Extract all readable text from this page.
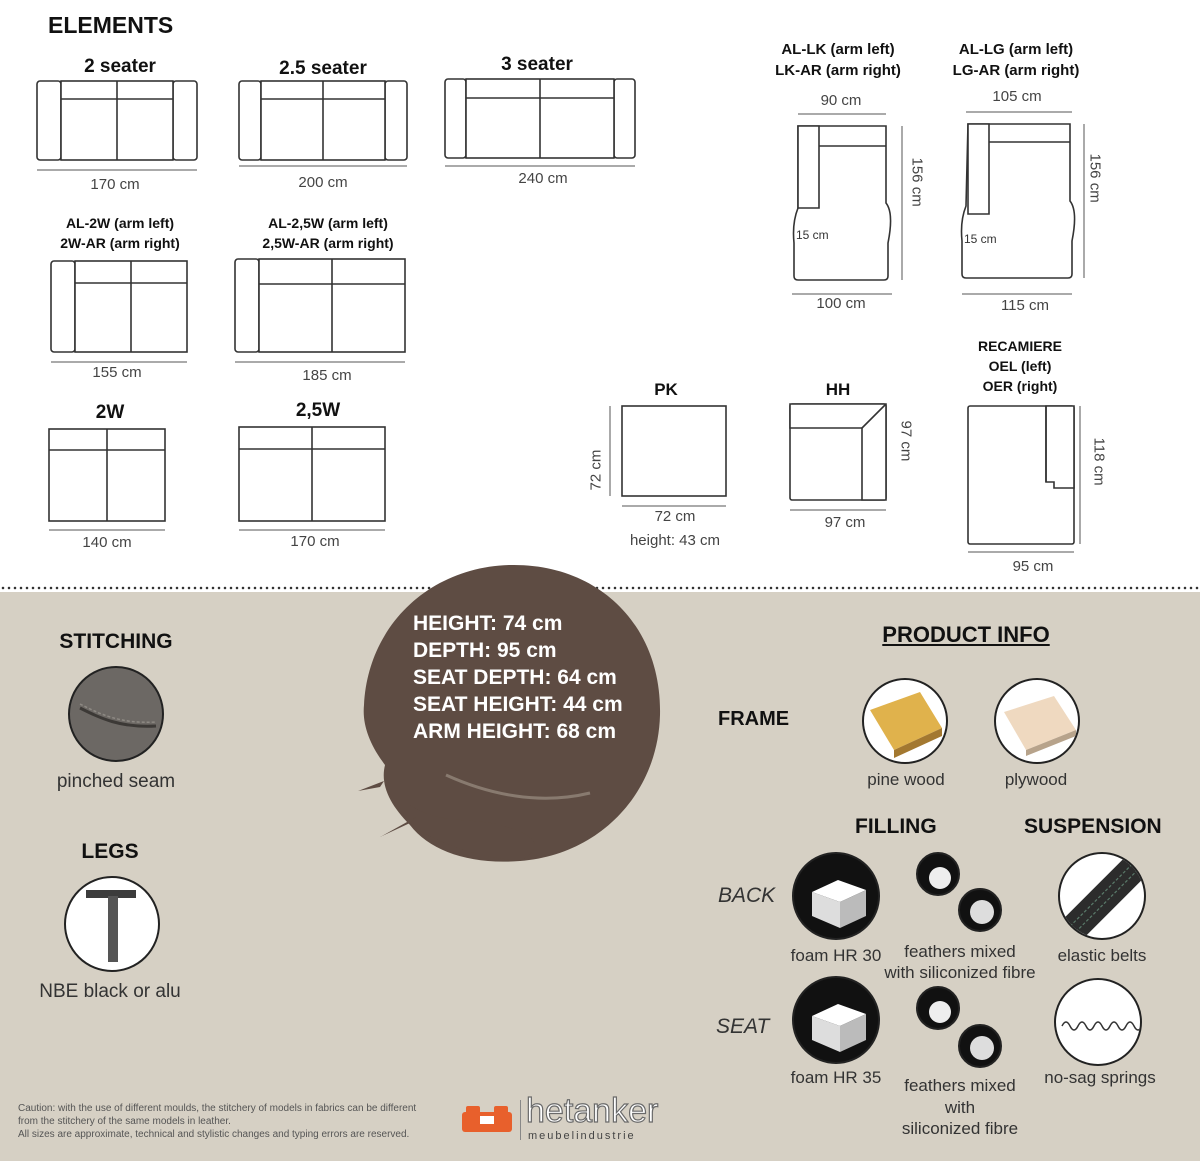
ELEMENTS
2 seater
170 cm
2.5 seater
200 cm
3 seater
240 cm
AL-2W (arm left)
2W-AR (arm right)
155 cm
AL-2,5W (arm left)
2,5W-AR (arm right)
185 cm
2W
140 cm
2,5W
170 cm
AL-LK (arm left)
LK-AR (arm right)
90 cm
156 cm
15 cm
100 cm
AL-LG (arm left)
LG-AR (arm right)
105 cm
156 cm
15 cm
115 cm
PK
72 cm
72 cm
height: 43 cm
HH
97 cm
97 cm
RECAMIERE
OEL (left)
OER (right)
118 cm
95 cm
HEIGHT: 74 cm
DEPTH: 95 cm
SEAT DEPTH: 64 cm
SEAT HEIGHT: 44 cm
ARM HEIGHT: 68 cm
STITCHING
pinched seam
LEGS
NBE black or alu
PRODUCT INFO
FRAME
pine wood	plywood
FILLING	SUSPENSION
BACK
foam HR 30	feathers mixed
with siliconized fibre
elastic belts
SEAT
foam HR 35	feathers mixed
with
siliconized fibre
no-sag springs
Caution: with the use of different moulds, the stitchery of models in fabrics can be different
from the stitchery of the same models in leather.
All sizes are approximate, technical and stylistic changes and typing errors are reserved.
hetanker
meubelindustrie
